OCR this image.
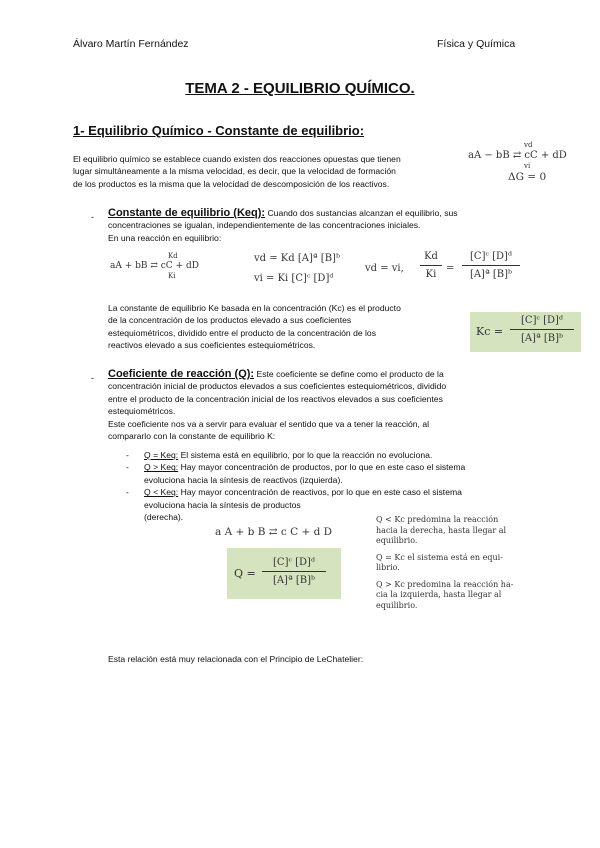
Álvaro Martín Fernández	Física y Química
TEMA 2 - EQUILIBRIO QUÍMICO.
1- Equilibrio Químico - Constante de equilibrio:
El equilibrio químico se establece cuando existen dos reacciones opuestas que tienen
lugar simultáneamente a la misma velocidad, es decir, que la velocidad de formación
de los productos es la misma que la velocidad de descomposición de los reactivos.
vd
aA − bB ⇄ cC + dD
vi
ΔG = 0
- Constante de equilibrio (Keq): Cuando dos sustancias alcanzan el equilibrio, sus
concentraciones se igualan, independientemente de las concentraciones iniciales.
En una reacción en equilibrio:
Kd
aA + bB ⇄ cC + dD
Ki
vd = Kd [A]ª [B]ᵇ
vi = Ki [C]ᶜ [D]ᵈ
vd = vi,
Kd
Ki
=
[C]ᶜ [D]ᵈ
[A]ª [B]ᵇ
La constante de equilibrio Ke basada en la concentración (Kc) es el producto
de la concentración de los productos elevado a sus coeficientes
estequiométricos, dividido entre el producto de la concentración de los
reactivos elevado a sus coeficientes estequiométricos.
Kc =
[C]ᶜ [D]ᵈ
[A]ª [B]ᵇ
- Coeficiente de reacción (Q): Este coeficiente se define como el producto de la
concentración inicial de productos elevados a sus coeficientes estequiométricos, dividido
entre el producto de la concentración inicial de los reactivos elevados a sus coeficientes
estequiométricos.
Este coeficiente nos va a servir para evaluar el sentido que va a tener la reacción, al
compararlo con la constante de equilibrio K:
- Q = Keq: El sistema está en equilibrio, por lo que la reacción no evoluciona.
- Q > Keq: Hay mayor concentración de productos, por lo que en este caso el sistema
evoluciona hacia la síntesis de reactivos (izquierda).
- Q < Keq: Hay mayor concentración de reactivos, por lo que en este caso el sistema
evoluciona hacia la síntesis de productos
(derecha).
a A + b B ⇄ c C + d D
Q =
[C]ᶜ [D]ᵈ
[A]ª [B]ᵇ
Q < Kc predomina la reacción
hacia la derecha, hasta llegar al
equilibrio.
Q = Kc el sistema está en equi-
librio.
Q > Kc predomina la reacción ha-
cia la izquierda, hasta llegar al
equilibrio.
Esta relación está muy relacionada con el Principio de LeChatelier:
